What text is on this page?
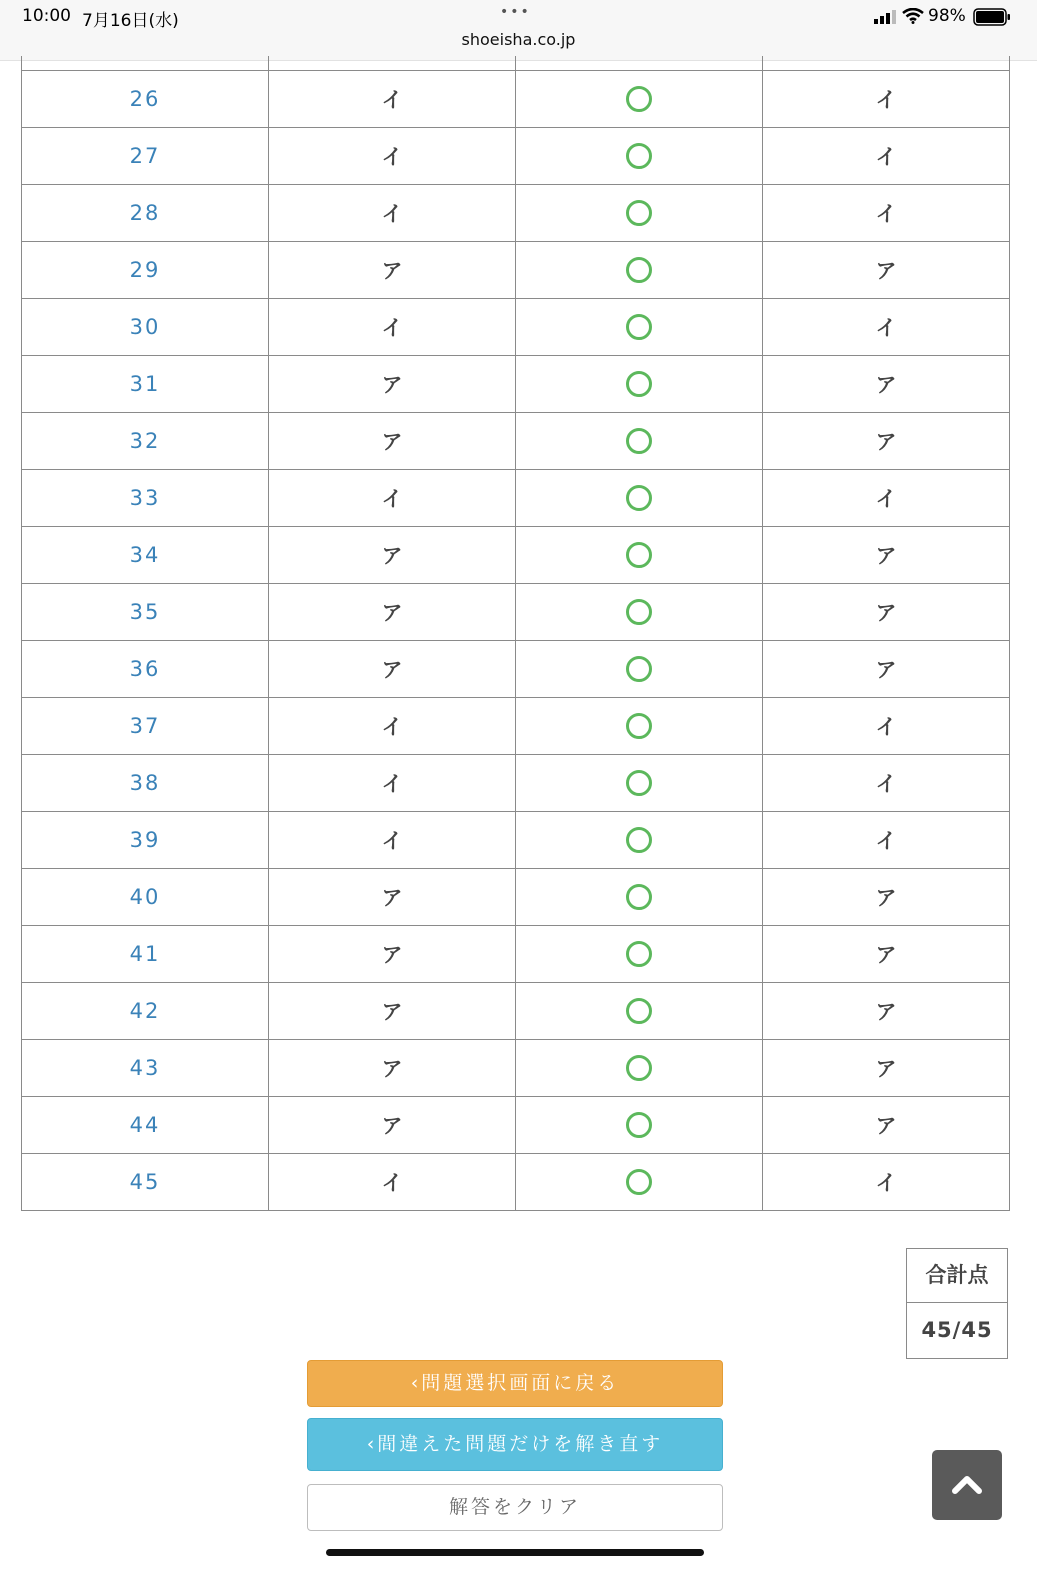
10:00 7月16日(水)	•••
shoeisha.co.jp
98%

26	イ		イ
27	イ		イ
28	イ		イ
29	ア		ア
30	イ		イ
31	ア		ア
32	ア		ア
33	イ		イ
34	ア		ア
35	ア		ア
36	ア		ア
37	イ		イ
38	イ		イ
39	イ		イ
40	ア		ア
41	ア		ア
42	ア		ア
43	ア		ア
44	ア		ア
45	イ		イ
合計点
45/45
‹問題選択画面に戻る
‹間違えた問題だけを解き直す
解答をクリア
